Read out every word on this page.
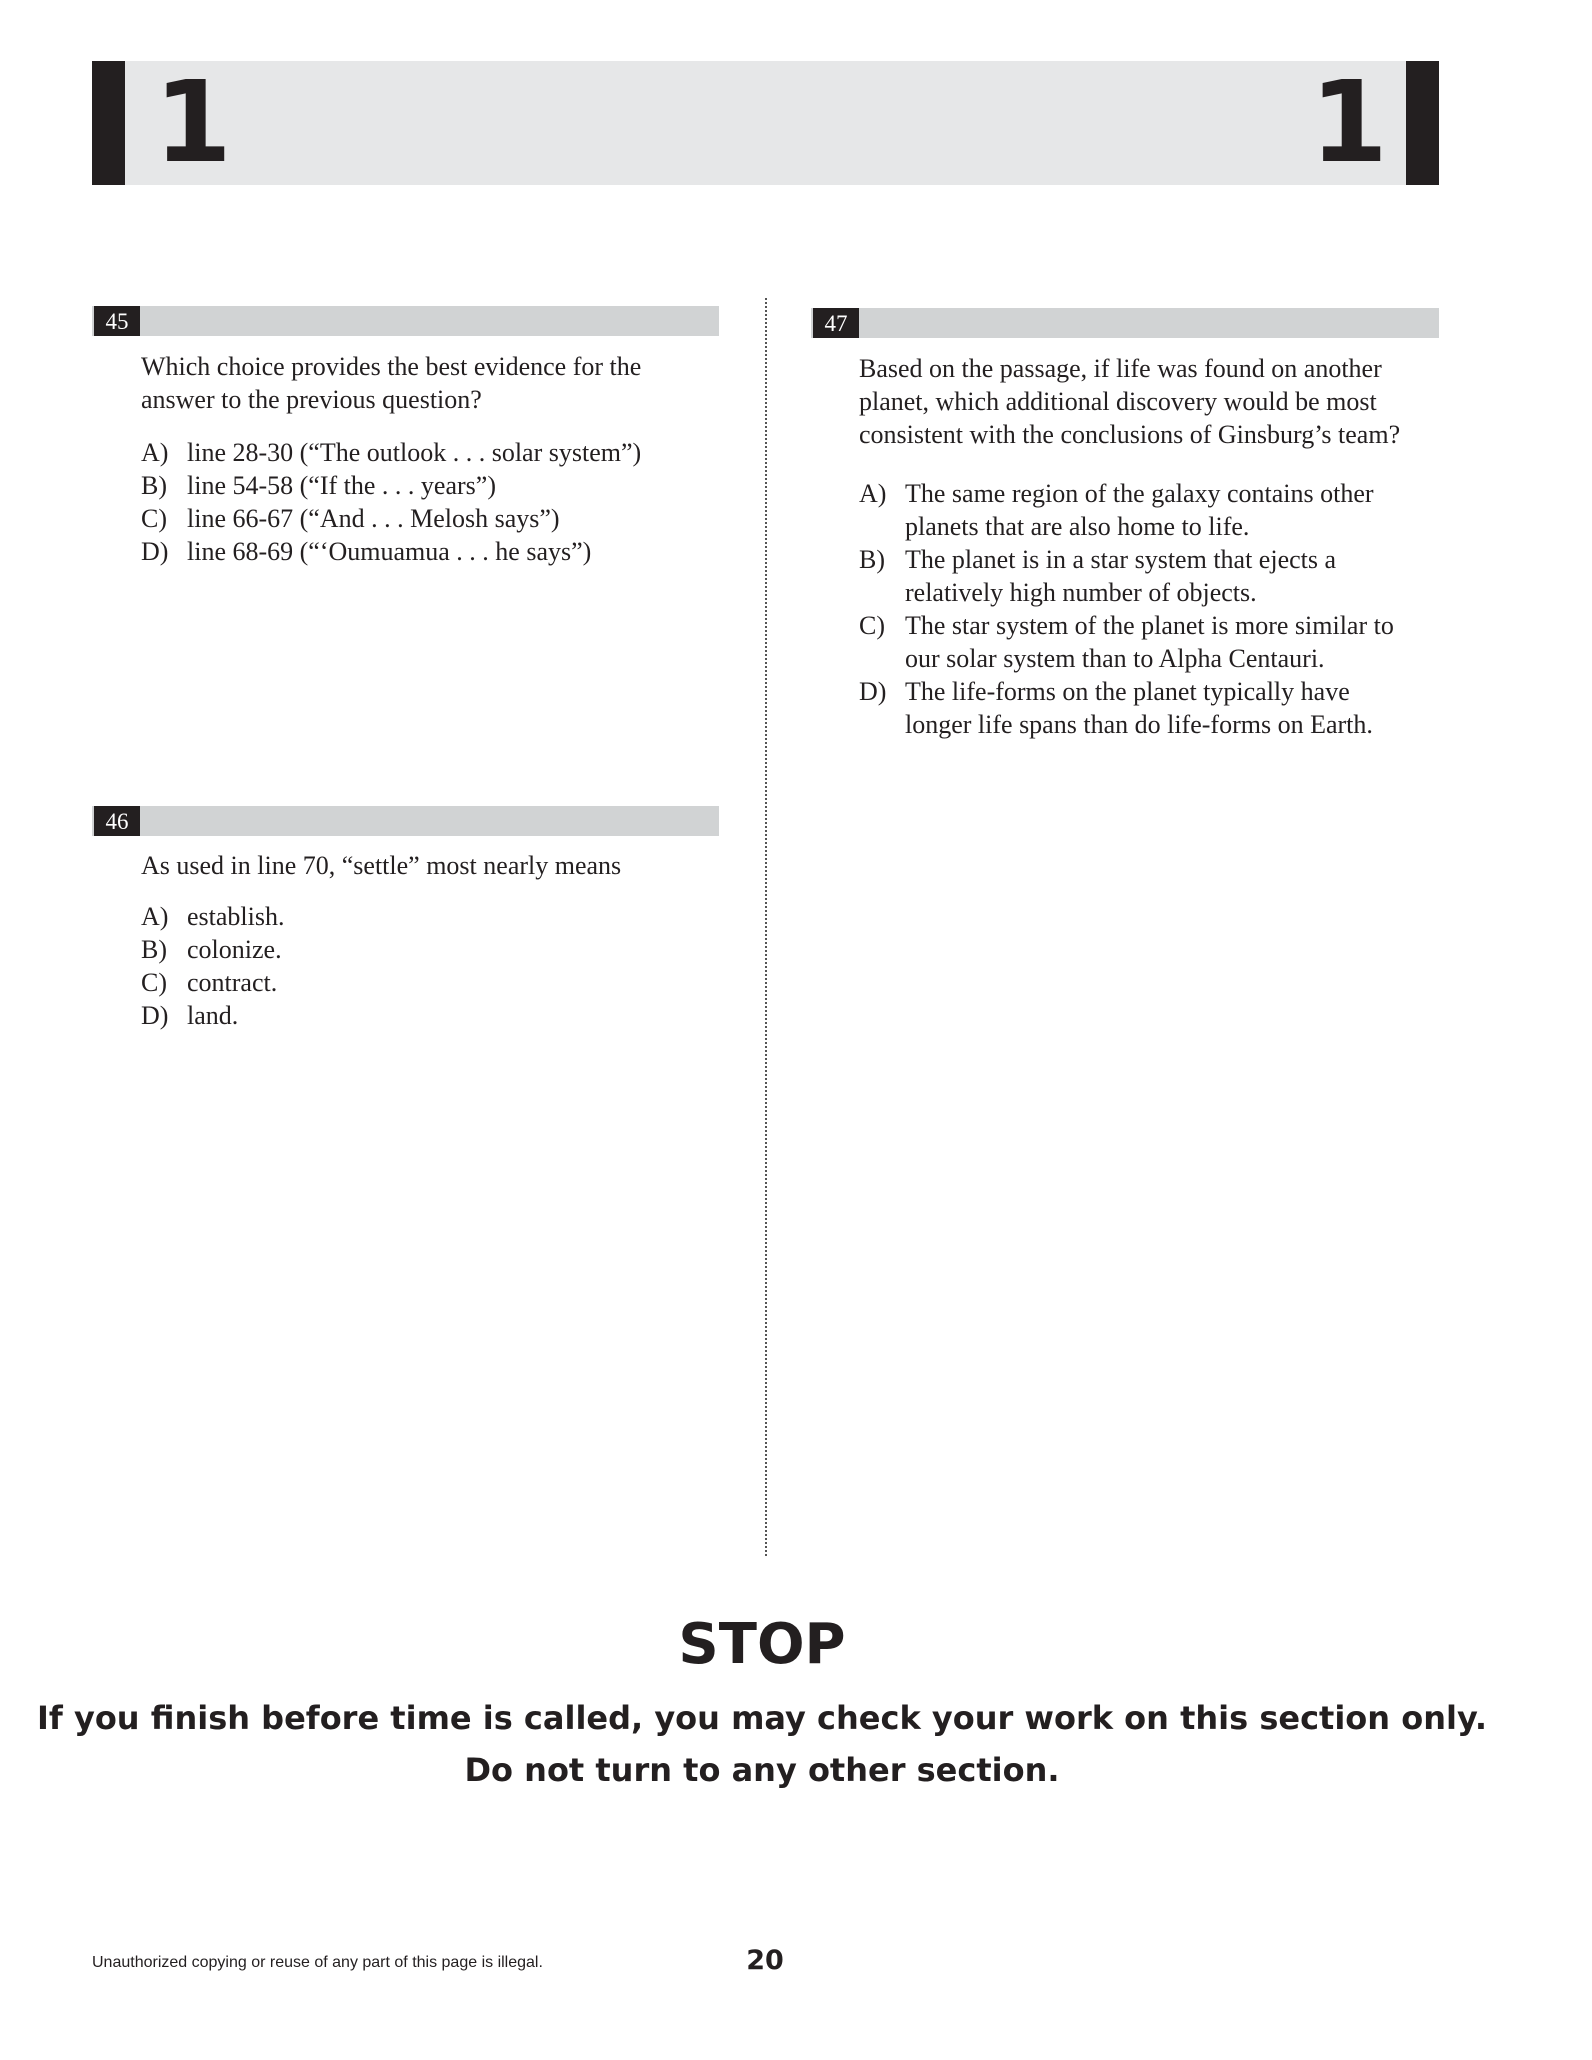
1	1
45
Which choice provides the best evidence for the
answer to the previous question?
A) line 28-30 (“The outlook . . . solar system”)
B) line 54-58 (“If the . . . years”)
C) line 66-67 (“And . . . Melosh says”)
D) line 68-69 (“‘Oumuamua . . . he says”)
46
As used in line 70, “settle” most nearly means
A) establish.
B) colonize.
C) contract.
D) land.
47
Based on the passage, if life was found on another
planet, which additional discovery would be most
consistent with the conclusions of Ginsburg’s team?
A) The same region of the galaxy contains other
planets that are also home to life.
B) The planet is in a star system that ejects a
relatively high number of objects.
C) The star system of the planet is more similar to
our solar system than to Alpha Centauri.
D) The life-forms on the planet typically have
longer life spans than do life-forms on Earth.
STOP
If you finish before time is called, you may check your work on this section only.
Do not turn to any other section.
Unauthorized copying or reuse of any part of this page is illegal.	20
